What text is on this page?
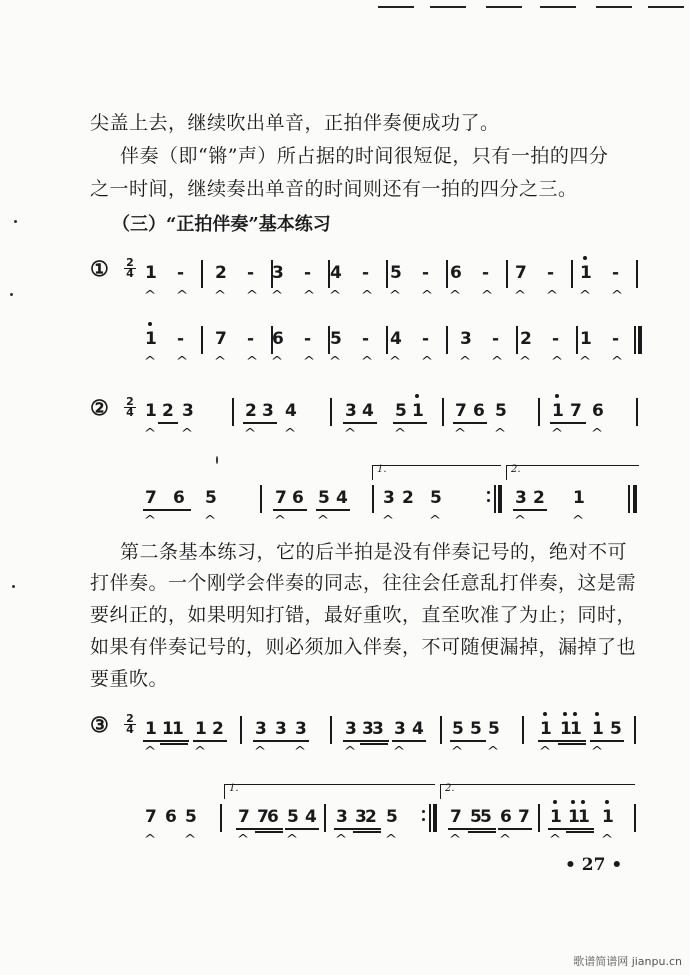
尖盖上去，继续吹出单音，正拍伴奏便成功了。
伴奏（即“锵”声）所占据的时间很短促，只有一拍的四分
之一时间，继续奏出单音的时间则还有一拍的四分之三。
（三）“正拍伴奏”基本练习
① 2
4 1
^
-
^
2
^
-
^
3
^
-
^
4
^
-
^
5
^
-
^
6
^
-
^
7
^
-
^
1
^
-
^
1
^
-
^
7
^
-
^
6
^
-
^
5
^
-
^
4
^
-
^
3
^
-
^
2
^
-
^
1
^
-
^
② 2
4 1
^
2 3
^
2
^
3 4
^
3
^
4 5
^
1 7
^
6 5
^
1
^
7 6
^
7
^
6 5
^
7
^
6 5
^
4
1.
3
^
2 5
^
2.
3
^
2 1
^
第二条基本练习，它的后半拍是没有伴奏记号的，绝对不可
打伴奏。一个刚学会伴奏的同志，往往会任意乱打伴奏，这是需
要纠正的，如果明知打错，最好重吹，直至吹准了为止；同时，
如果有伴奏记号的，则必须加入伴奏，不可随便漏掉，漏掉了也
要重吹。
③ 2
4 1
^
1
1 1
^
2 3
^
3 3
^
3
^
3
3 3
^
4 5
^
5 5
^
1
^
1
1 1
^
5
7
^
6 5
^
1.
7
^
7
6 5
^
4 3
^
3
2 5
^
2.
7
^
5
5 6
^
7 1
^
1
1 1
^
• 27 •
歌谱简谱网 jianpu.cn
